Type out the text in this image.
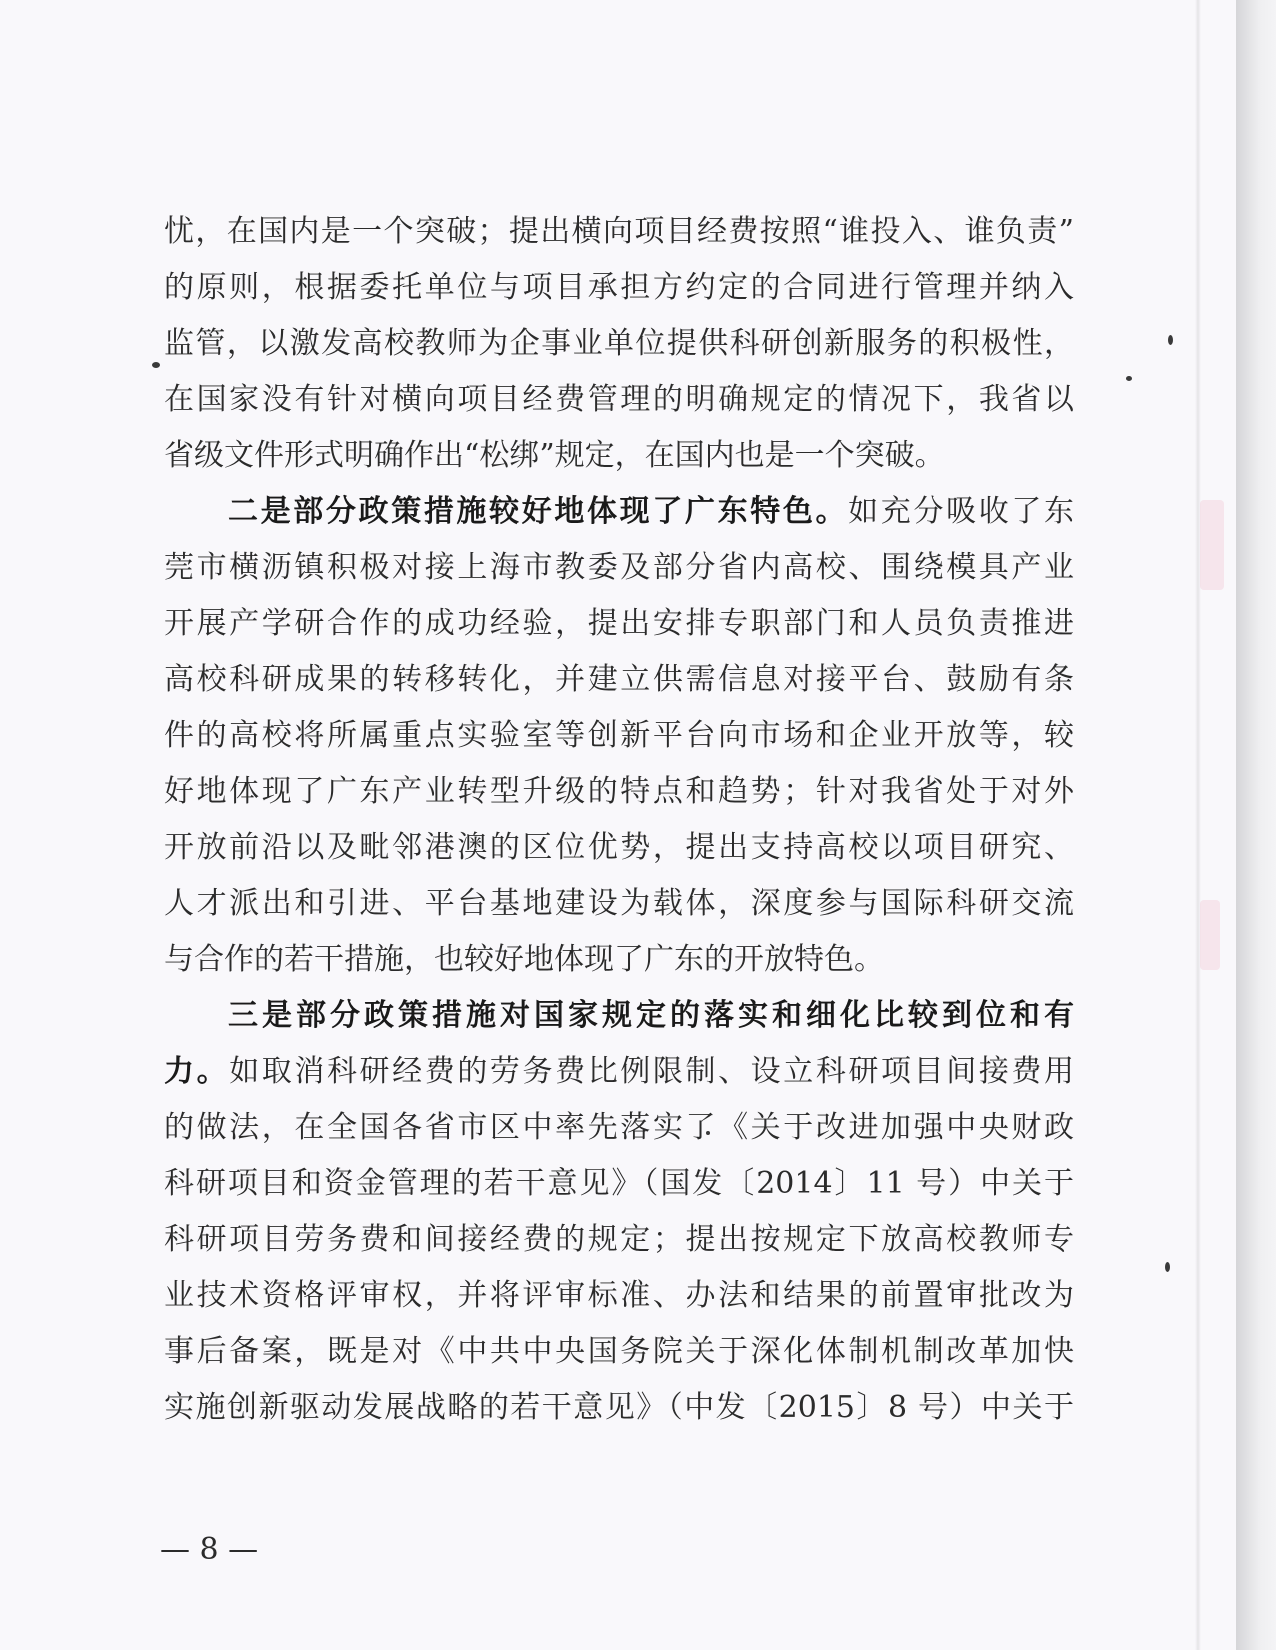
忧，在国内是一个突破；提出横向项目经费按照“谁投入、谁负责”
的原则，根据委托单位与项目承担方约定的合同进行管理并纳入
监管，以激发高校教师为企事业单位提供科研创新服务的积极性，
在国家没有针对横向项目经费管理的明确规定的情况下，我省以
省级文件形式明确作出“松绑”规定，在国内也是一个突破。
二是部分政策措施较好地体现了广东特色。如充分吸收了东
莞市横沥镇积极对接上海市教委及部分省内高校、围绕模具产业
开展产学研合作的成功经验，提出安排专职部门和人员负责推进
高校科研成果的转移转化，并建立供需信息对接平台、鼓励有条
件的高校将所属重点实验室等创新平台向市场和企业开放等，较
好地体现了广东产业转型升级的特点和趋势；针对我省处于对外
开放前沿以及毗邻港澳的区位优势，提出支持高校以项目研究、
人才派出和引进、平台基地建设为载体，深度参与国际科研交流
与合作的若干措施，也较好地体现了广东的开放特色。
三是部分政策措施对国家规定的落实和细化比较到位和有
力。如取消科研经费的劳务费比例限制、设立科研项目间接费用
的做法，在全国各省市区中率先落实了《关于改进加强中央财政
科研项目和资金管理的若干意见》（国发〔2014〕11 号）中关于
科研项目劳务费和间接经费的规定；提出按规定下放高校教师专
业技术资格评审权，并将评审标准、办法和结果的前置审批改为
事后备案，既是对《中共中央国务院关于深化体制机制改革加快
实施创新驱动发展战略的若干意见》（中发〔2015〕8 号）中关于
— 8 —
